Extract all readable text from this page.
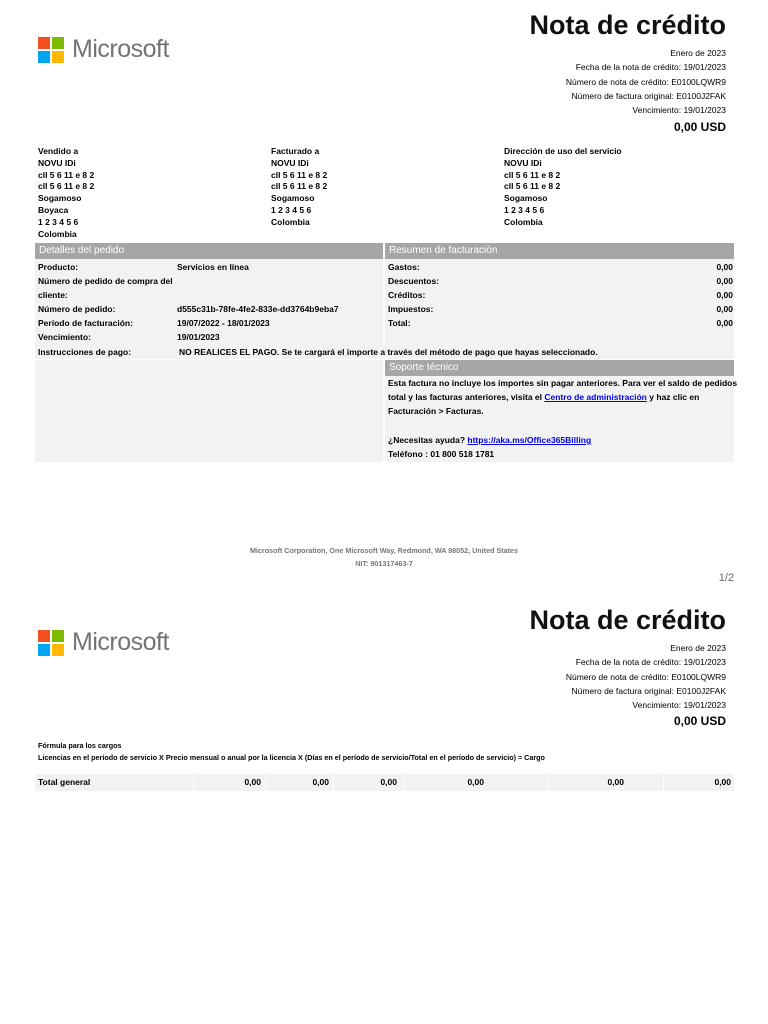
Microsoft
Nota de crédito
Enero de 2023
Fecha de la nota de crédito: 19/01/2023
Número de nota de crédito: E0100LQWR9
Número de factura original: E0100J2FAK
Vencimiento: 19/01/2023
0,00 USD
Vendido a
NOVU IDi
cll 5 6 11 e 8 2
cll 5 6 11 e 8 2
Sogamoso
Boyaca
1 2 3 4 5 6
Colombia
Facturado a
NOVU IDi
cll 5 6 11 e 8 2
cll 5 6 11 e 8 2
Sogamoso
1 2 3 4 5 6
Colombia
Dirección de uso del servicio
NOVU IDi
cll 5 6 11 e 8 2
cll 5 6 11 e 8 2
Sogamoso
1 2 3 4 5 6
Colombia
Detalles del pedido
Producto:	Servicios en línea
Número de pedido de compra del
cliente:
Número de pedido:	d555c31b-78fe-4fe2-833e-dd3764b9eba7
Período de facturación:	19/07/2022 - 18/01/2023
Vencimiento:	19/01/2023
Resumen de facturación
Gastos:	0,00
Descuentos:	0,00
Créditos:	0,00
Impuestos:	0,00
Total:	0,00
Instrucciones de pago:	NO REALICES EL PAGO. Se te cargará el importe a través del método de pago que hayas seleccionado.
Soporte técnico
Esta factura no incluye los importes sin pagar anteriores. Para ver el saldo de pedidos
total y las facturas anteriores, visita el Centro de administración y haz clic en
Facturación > Facturas.
¿Necesitas ayuda? https://aka.ms/Office365Billing
Teléfono : 01 800 518 1781
Microsoft Corporation, One Microsoft Way, Redmond, WA 98052, United States
NIT: 901317463-7
1/2
Microsoft
Nota de crédito
Enero de 2023
Fecha de la nota de crédito: 19/01/2023
Número de nota de crédito: E0100LQWR9
Número de factura original: E0100J2FAK
Vencimiento: 19/01/2023
0,00 USD
Fórmula para los cargos
Licencias en el período de servicio X Precio mensual o anual por la licencia X (Días en el período de servicio/Total en el período de servicio) = Cargo
Total general	0,00	0,00	0,00	0,00	0,00	0,00
